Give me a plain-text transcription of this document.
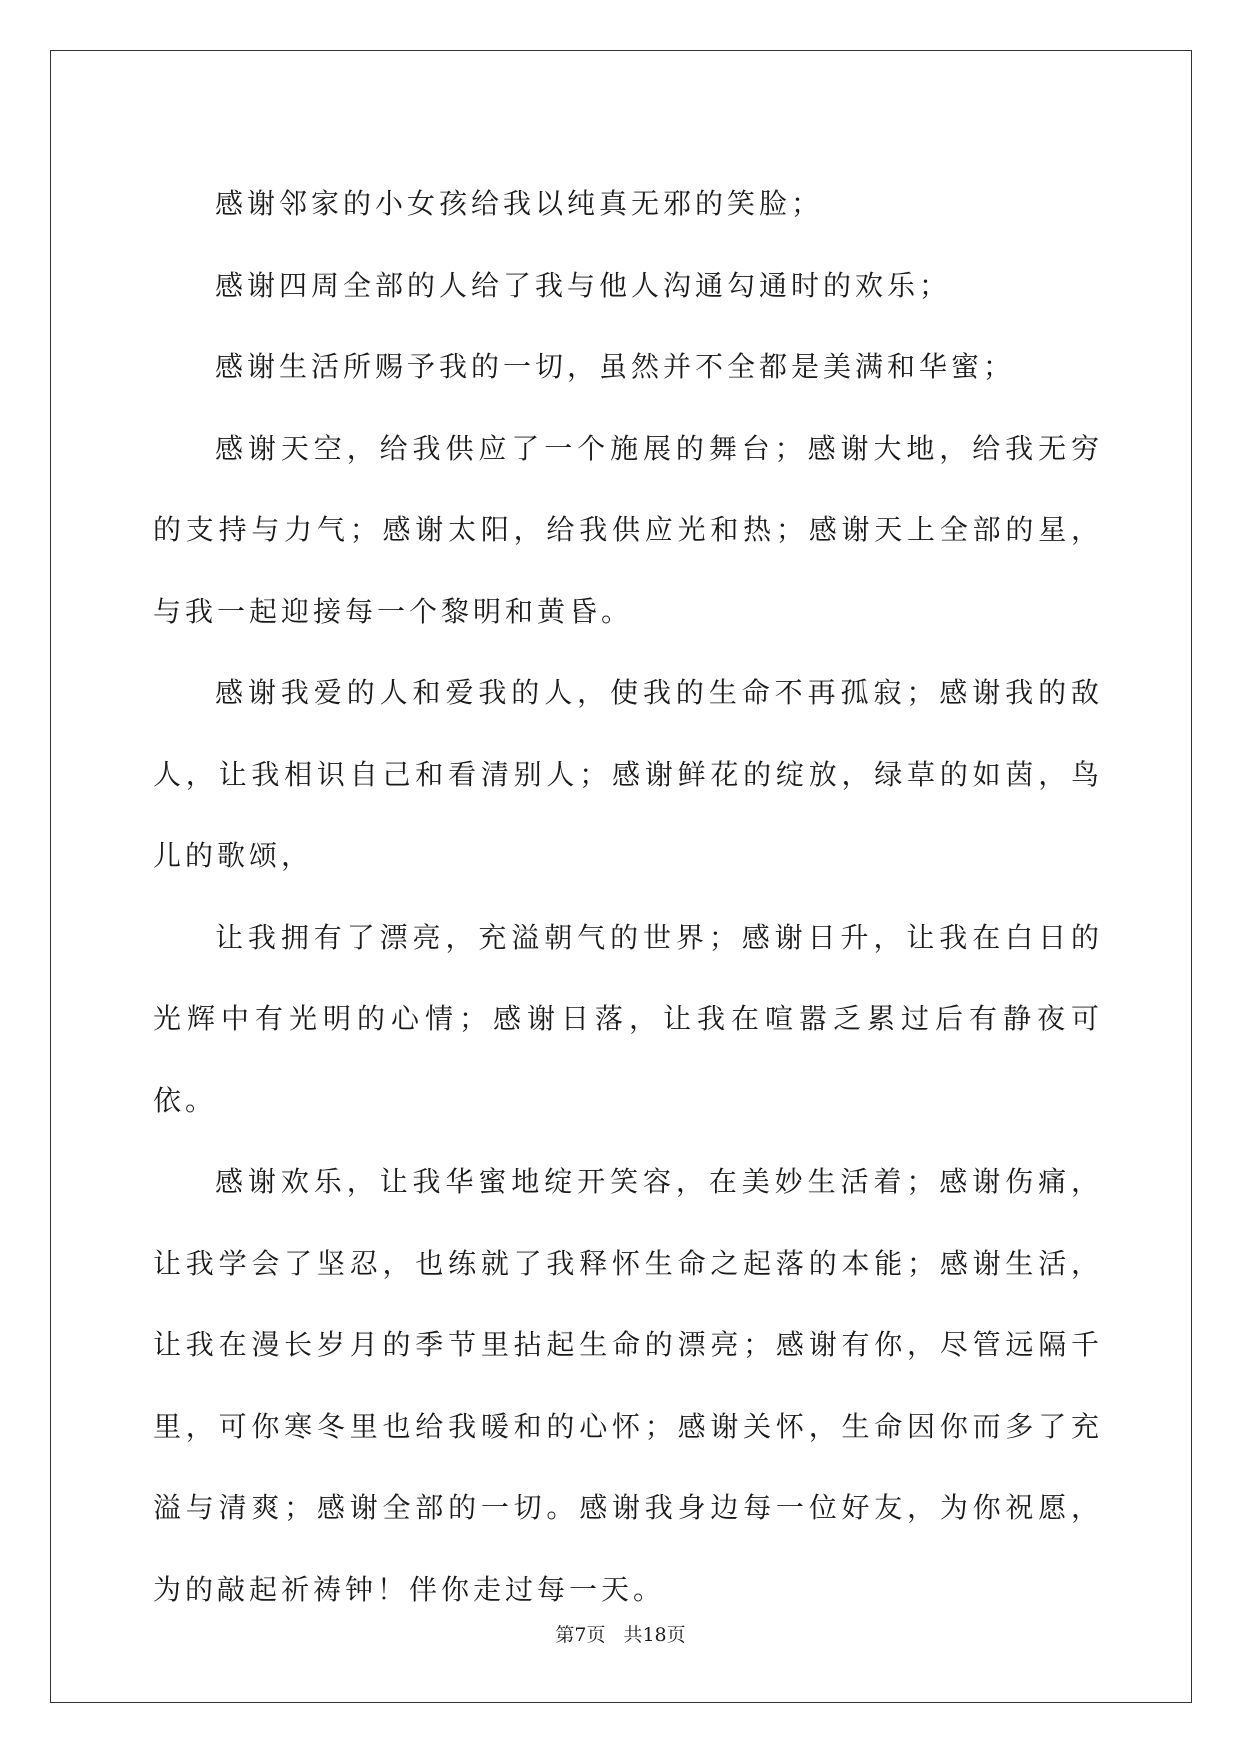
感谢邻家的小女孩给我以纯真无邪的笑脸；

感谢四周全部的人给了我与他人沟通勾通时的欢乐；

感谢生活所赐予我的一切，虽然并不全都是美满和华蜜；

感谢天空，给我供应了一个施展的舞台；感谢大地，给我无穷的支持与力气；感谢太阳，给我供应光和热；感谢天上全部的星，与我一起迎接每一个黎明和黄昏。

感谢我爱的人和爱我的人，使我的生命不再孤寂；感谢我的敌人，让我相识自己和看清别人；感谢鲜花的绽放，绿草的如茵，鸟儿的歌颂，

让我拥有了漂亮，充溢朝气的世界；感谢日升，让我在白日的光辉中有光明的心情；感谢日落，让我在喧嚣乏累过后有静夜可依。

感谢欢乐，让我华蜜地绽开笑容，在美妙生活着；感谢伤痛，让我学会了坚忍，也练就了我释怀生命之起落的本能；感谢生活，让我在漫长岁月的季节里拈起生命的漂亮；感谢有你，尽管远隔千里，可你寒冬里也给我暖和的心怀；感谢关怀，生命因你而多了充溢与清爽；感谢全部的一切。感谢我身边每一位好友，为你祝愿，为的敲起祈祷钟！伴你走过每一天。

第7页 共18页
